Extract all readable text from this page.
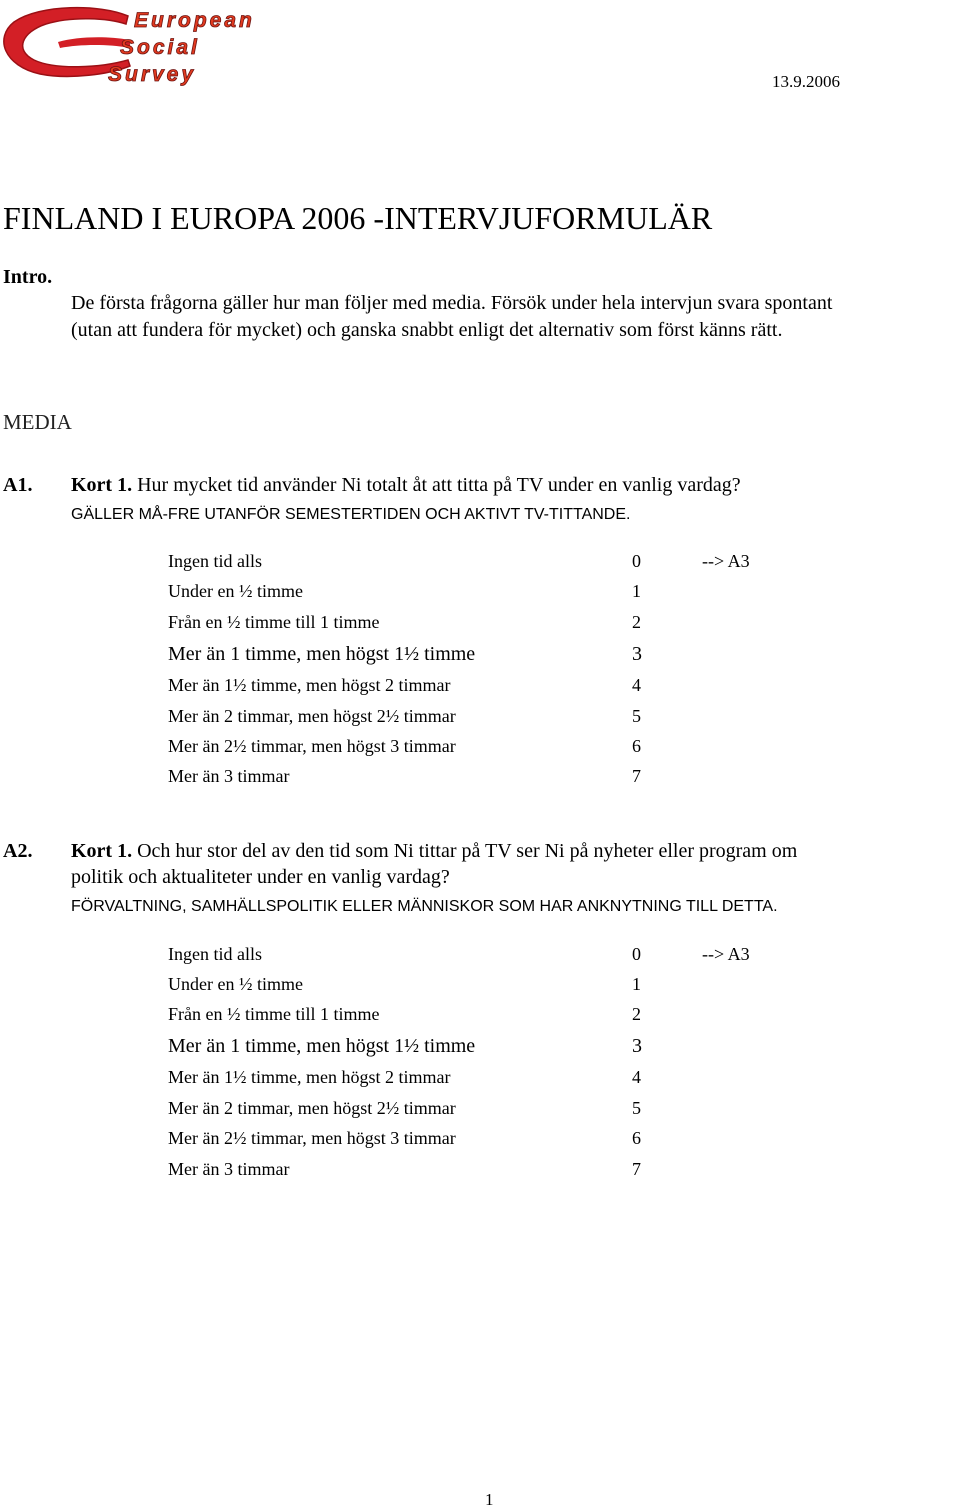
European
Social
Survey	13.9.2006
FINLAND I EUROPA 2006 -INTERVJUFORMULÄR
Intro.
De första frågorna gäller hur man följer med media. Försök under hela intervjun svara spontant
(utan att fundera för mycket) och ganska snabbt enligt det alternativ som först känns rätt.
MEDIA
A1. Kort 1. Hur mycket tid använder Ni totalt åt att titta på TV under en vanlig vardag?
GÄLLER MÅ-FRE UTANFÖR SEMESTERTIDEN OCH AKTIVT TV-TITTANDE.
Ingen tid alls	0	--> A3
Under en ½ timme	1
Från en ½ timme till 1 timme	2
Mer än 1 timme, men högst 1½ timme	3
Mer än 1½ timme, men högst 2 timmar	4
Mer än 2 timmar, men högst 2½ timmar	5
Mer än 2½ timmar, men högst 3 timmar	6
Mer än 3 timmar	7
A2. Kort 1. Och hur stor del av den tid som Ni tittar på TV ser Ni på nyheter eller program om
politik och aktualiteter under en vanlig vardag?
FÖRVALTNING, SAMHÄLLSPOLITIK ELLER MÄNNISKOR SOM HAR ANKNYTNING TILL DETTA.
Ingen tid alls	0	--> A3
Under en ½ timme	1
Från en ½ timme till 1 timme	2
Mer än 1 timme, men högst 1½ timme	3
Mer än 1½ timme, men högst 2 timmar	4
Mer än 2 timmar, men högst 2½ timmar	5
Mer än 2½ timmar, men högst 3 timmar	6
Mer än 3 timmar	7
1
